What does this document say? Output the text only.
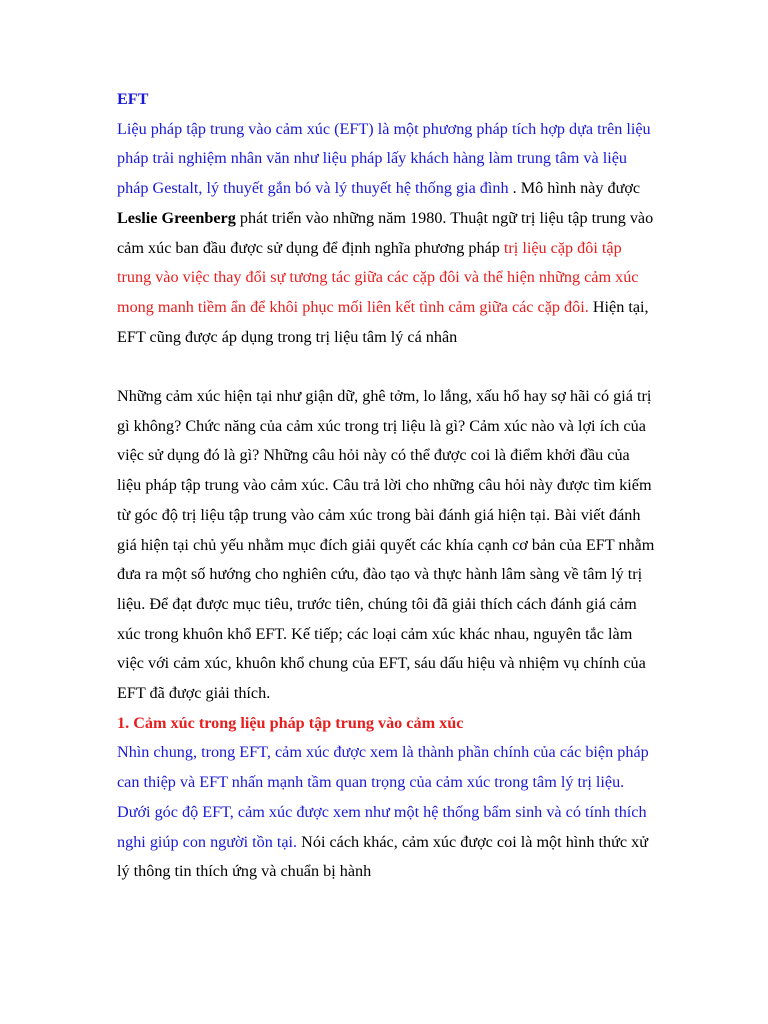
EFT

Liệu pháp tập trung vào cảm xúc (EFT) là một phương pháp tích hợp dựa trên liệu pháp trải nghiệm nhân văn như liệu pháp lấy khách hàng làm trung tâm và liệu pháp Gestalt, lý thuyết gắn bó và lý thuyết hệ thống gia đình . Mô hình này được Leslie Greenberg phát triển vào những năm 1980. Thuật ngữ trị liệu tập trung vào cảm xúc ban đầu được sử dụng để định nghĩa phương pháp trị liệu cặp đôi tập trung vào việc thay đổi sự tương tác giữa các cặp đôi và thể hiện những cảm xúc mong manh tiềm ẩn để khôi phục mối liên kết tình cảm giữa các cặp đôi. Hiện tại, EFT cũng được áp dụng trong trị liệu tâm lý cá nhân

Những cảm xúc hiện tại như giận dữ, ghê tởm, lo lắng, xấu hổ hay sợ hãi có giá trị gì không? Chức năng của cảm xúc trong trị liệu là gì? Cảm xúc nào và lợi ích của việc sử dụng đó là gì? Những câu hỏi này có thể được coi là điểm khởi đầu của liệu pháp tập trung vào cảm xúc. Câu trả lời cho những câu hỏi này được tìm kiếm từ góc độ trị liệu tập trung vào cảm xúc trong bài đánh giá hiện tại. Bài viết đánh giá hiện tại chủ yếu nhằm mục đích giải quyết các khía cạnh cơ bản của EFT nhằm đưa ra một số hướng cho nghiên cứu, đào tạo và thực hành lâm sàng về tâm lý trị liệu. Để đạt được mục tiêu, trước tiên, chúng tôi đã giải thích cách đánh giá cảm xúc trong khuôn khổ EFT. Kế tiếp; các loại cảm xúc khác nhau, nguyên tắc làm việc với cảm xúc, khuôn khổ chung của EFT, sáu dấu hiệu và nhiệm vụ chính của EFT đã được giải thích.

1. Cảm xúc trong liệu pháp tập trung vào cảm xúc

Nhìn chung, trong EFT, cảm xúc được xem là thành phần chính của các biện pháp can thiệp và EFT nhấn mạnh tầm quan trọng của cảm xúc trong tâm lý trị liệu. Dưới góc độ EFT, cảm xúc được xem như một hệ thống bẩm sinh và có tính thích nghi giúp con người tồn tại. Nói cách khác, cảm xúc được coi là một hình thức xử lý thông tin thích ứng và chuẩn bị hành
